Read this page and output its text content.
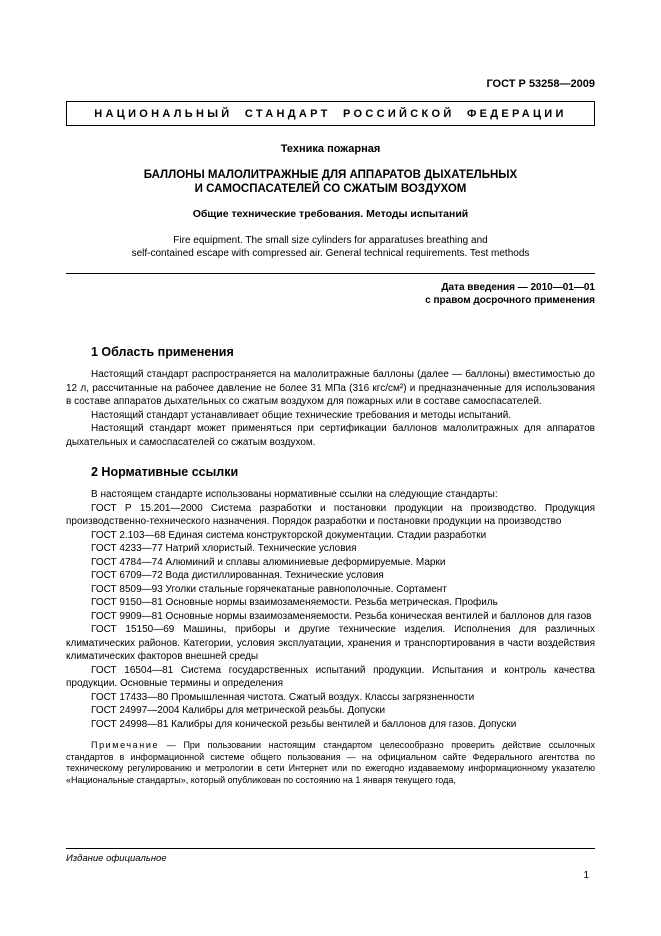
ГОСТ Р 53258—2009
НАЦИОНАЛЬНЫЙ СТАНДАРТ РОССИЙСКОЙ ФЕДЕРАЦИИ
Техника пожарная
БАЛЛОНЫ МАЛОЛИТРАЖНЫЕ ДЛЯ АППАРАТОВ ДЫХАТЕЛЬНЫХ
И САМОСПАСАТЕЛЕЙ СО СЖАТЫМ ВОЗДУХОМ
Общие технические требования. Методы испытаний
Fire equipment. The small size cylinders for apparatuses breathing and
self-contained escape with compressed air. General technical requirements. Test methods
Дата введения — 2010—01—01
с правом досрочного применения
1 Область применения

Настоящий стандарт распространяется на малолитражные баллоны (далее — баллоны) вместимостью до 12 л, рассчитанные на рабочее давление не более 31 МПа (316 кгс/см²) и предназначенные для использования в составе аппаратов дыхательных со сжатым воздухом для пожарных или в составе самоспасателей.

Настоящий стандарт устанавливает общие технические требования и методы испытаний.

Настоящий стандарт может применяться при сертификации баллонов малолитражных для аппаратов дыхательных и самоспасателей со сжатым воздухом.

2 Нормативные ссылки

В настоящем стандарте использованы нормативные ссылки на следующие стандарты:

ГОСТ Р 15.201—2000 Система разработки и постановки продукции на производство. Продукция производственно-технического назначения. Порядок разработки и постановки продукции на производство

ГОСТ 2.103—68 Единая система конструкторской документации. Стадии разработки

ГОСТ 4233—77 Натрий хлористый. Технические условия

ГОСТ 4784—74 Алюминий и сплавы алюминиевые деформируемые. Марки

ГОСТ 6709—72 Вода дистиллированная. Технические условия

ГОСТ 8509—93 Уголки стальные горячекатаные равнополочные. Сортамент

ГОСТ 9150—81 Основные нормы взаимозаменяемости. Резьба метрическая. Профиль

ГОСТ 9909—81 Основные нормы взаимозаменяемости. Резьба коническая вентилей и баллонов для газов

ГОСТ 15150—69 Машины, приборы и другие технические изделия. Исполнения для различных климатических районов. Категории, условия эксплуатации, хранения и транспортирования в части воздействия климатических факторов внешней среды

ГОСТ 16504—81 Система государственных испытаний продукции. Испытания и контроль качества продукции. Основные термины и определения

ГОСТ 17433—80 Промышленная чистота. Сжатый воздух. Классы загрязненности

ГОСТ 24997—2004 Калибры для метрической резьбы. Допуски

ГОСТ 24998—81 Калибры для конической резьбы вентилей и баллонов для газов. Допуски

Примечание — При пользовании настоящим стандартом целесообразно проверить действие ссылочных стандартов в информационной системе общего пользования — на официальном сайте Федерального агентства по техническому регулированию и метрологии в сети Интернет или по ежегодно издаваемому информационному указателю «Национальные стандарты», который опубликован по состоянию на 1 января текущего года,

Издание официальное
1
